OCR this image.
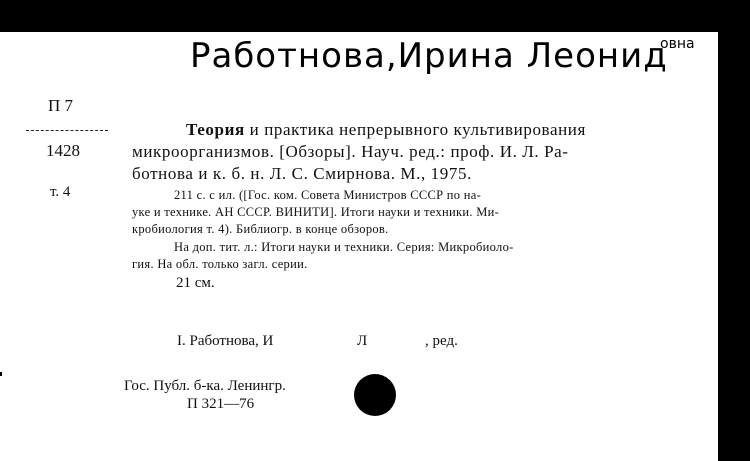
Работнова,Ирина Леонид
овна
П 7
1428
т. 4
Теория и практика непрерывного культивирования
микроорганизмов. [Обзоры]. Науч. ред.: проф. И. Л. Ра-
ботнова и к. б. н. Л. С. Смирнова. М., 1975.
211 с. с ил. ([Гос. ком. Совета Министров СССР по на-
уке и технике. АН СССР. ВИНИТИ]. Итоги науки и техники. Ми-
кробиология т. 4). Библиогр. в конце обзоров.
На доп. тит. л.: Итоги науки и техники. Серия: Микробиоло-
гия. На обл. только загл. серии.
21 см.
I. Работнова, И	Л	, ред.
Гос. Публ. б-ка. Ленингр.
П 321—76
